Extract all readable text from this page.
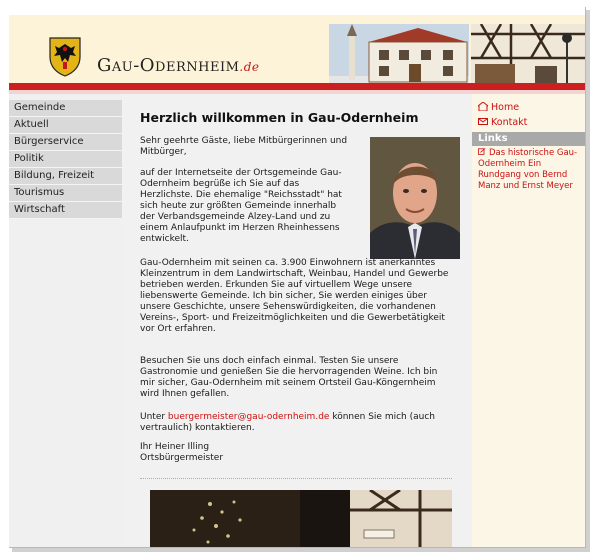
Gau-Odernheim.de
Gemeinde
Aktuell
Bürgerservice
Politik
Bildung, Freizeit
Tourismus
Wirtschaft
Herzlich willkommen in Gau-Odernheim

Sehr geehrte Gäste, liebe Mitbürgerinnen und Mitbürger,

auf der Internetseite der Ortsgemeinde Gau-Odernheim begrüße ich Sie auf das Herzlichste. Die ehemalige "Reichsstadt" hat sich heute zur größten Gemeinde innerhalb der Verbandsgemeinde Alzey-Land und zu einem Anlaufpunkt im Herzen Rheinhessens entwickelt.

Gau-Odernheim mit seinen ca. 3.900 Einwohnern ist anerkanntes Kleinzentrum in dem Landwirtschaft, Weinbau, Handel und Gewerbe betrieben werden. Erkunden Sie auf virtuellem Wege unsere liebenswerte Gemeinde. Ich bin sicher, Sie werden einiges über unsere Geschichte, unsere Sehenswürdigkeiten, die vorhandenen Vereins-, Sport- und Freizeitmöglichkeiten und die Gewerbetätigkeit vor Ort erfahren.

Besuchen Sie uns doch einfach einmal. Testen Sie unsere Gastronomie und genießen Sie die hervorragenden Weine. Ich bin mir sicher, Gau-Odernheim mit seinem Ortsteil Gau-Köngernheim wird Ihnen gefallen.

Unter buergermeister@gau-odernheim.de können Sie mich (auch vertraulich) kontaktieren.

Ihr Heiner Illing
Ortsbürgermeister

Home
Kontakt
Links
Das historische Gau-Odernheim Ein Rundgang von Bernd Manz und Ernst Meyer
